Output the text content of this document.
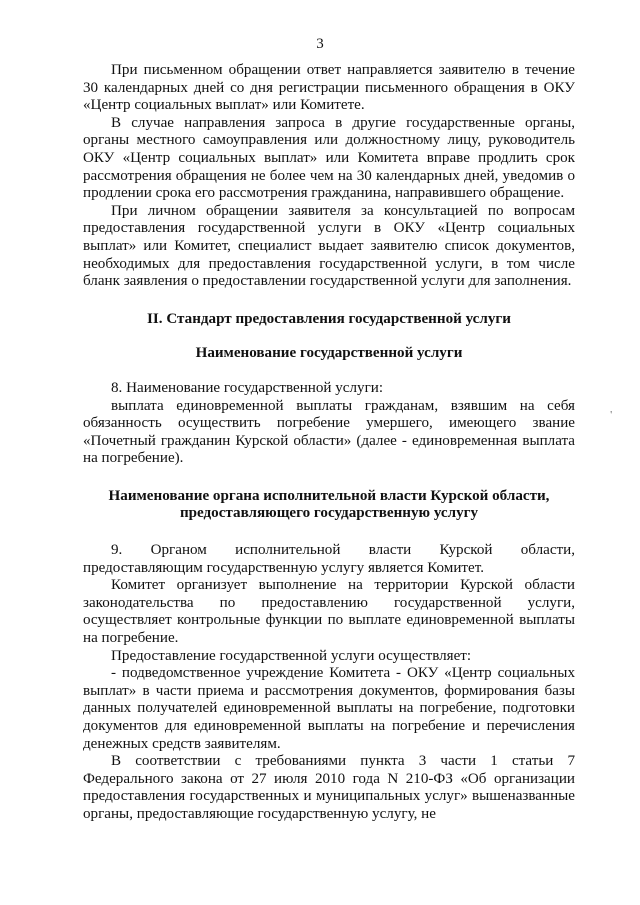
3
'

При письменном обращении ответ направляется заявителю в течение 30 календарных дней со дня регистрации письменного обращения в ОКУ «Центр социальных выплат» или Комитете.

В случае направления запроса в другие государственные органы, органы местного самоуправления или должностному лицу, руководитель ОКУ «Центр социальных выплат» или Комитета вправе продлить срок рассмотрения обращения не более чем на 30 календарных дней, уведомив о продлении срока его рассмотрения гражданина, направившего обращение.

При личном обращении заявителя за консультацией по вопросам предоставления государственной услуги в ОКУ «Центр социальных выплат» или Комитет, специалист выдает заявителю список документов, необходимых для предоставления государственной услуги, в том числе бланк заявления о предоставлении государственной услуги для заполнения.

II. Стандарт предоставления государственной услуги
Наименование государственной услуги

8. Наименование государственной услуги:

выплата единовременной выплаты гражданам, взявшим на себя обязанность осуществить погребение умершего, имеющего звание «Почетный гражданин Курской области» (далее - единовременная выплата на погребение).

Наименование органа исполнительной власти Курской области,
предоставляющего государственную услугу

9. Органом исполнительной власти Курской области, предоставляющим государственную услугу является Комитет.

Комитет организует выполнение на территории Курской области законодательства по предоставлению государственной услуги, осуществляет контрольные функции по выплате единовременной выплаты на погребение.

Предоставление государственной услуги осуществляет:

- подведомственное учреждение Комитета - ОКУ «Центр социальных выплат» в части приема и рассмотрения документов, формирования базы данных получателей единовременной выплаты на погребение, подготовки документов для единовременной выплаты на погребение и перечисления денежных средств заявителям.

В соответствии с требованиями пункта 3 части 1 статьи 7 Федерального закона от 27 июля 2010 года N 210-ФЗ «Об организации предоставления государственных и муниципальных услуг» вышеназванные органы, предоставляющие государственную услугу, не
